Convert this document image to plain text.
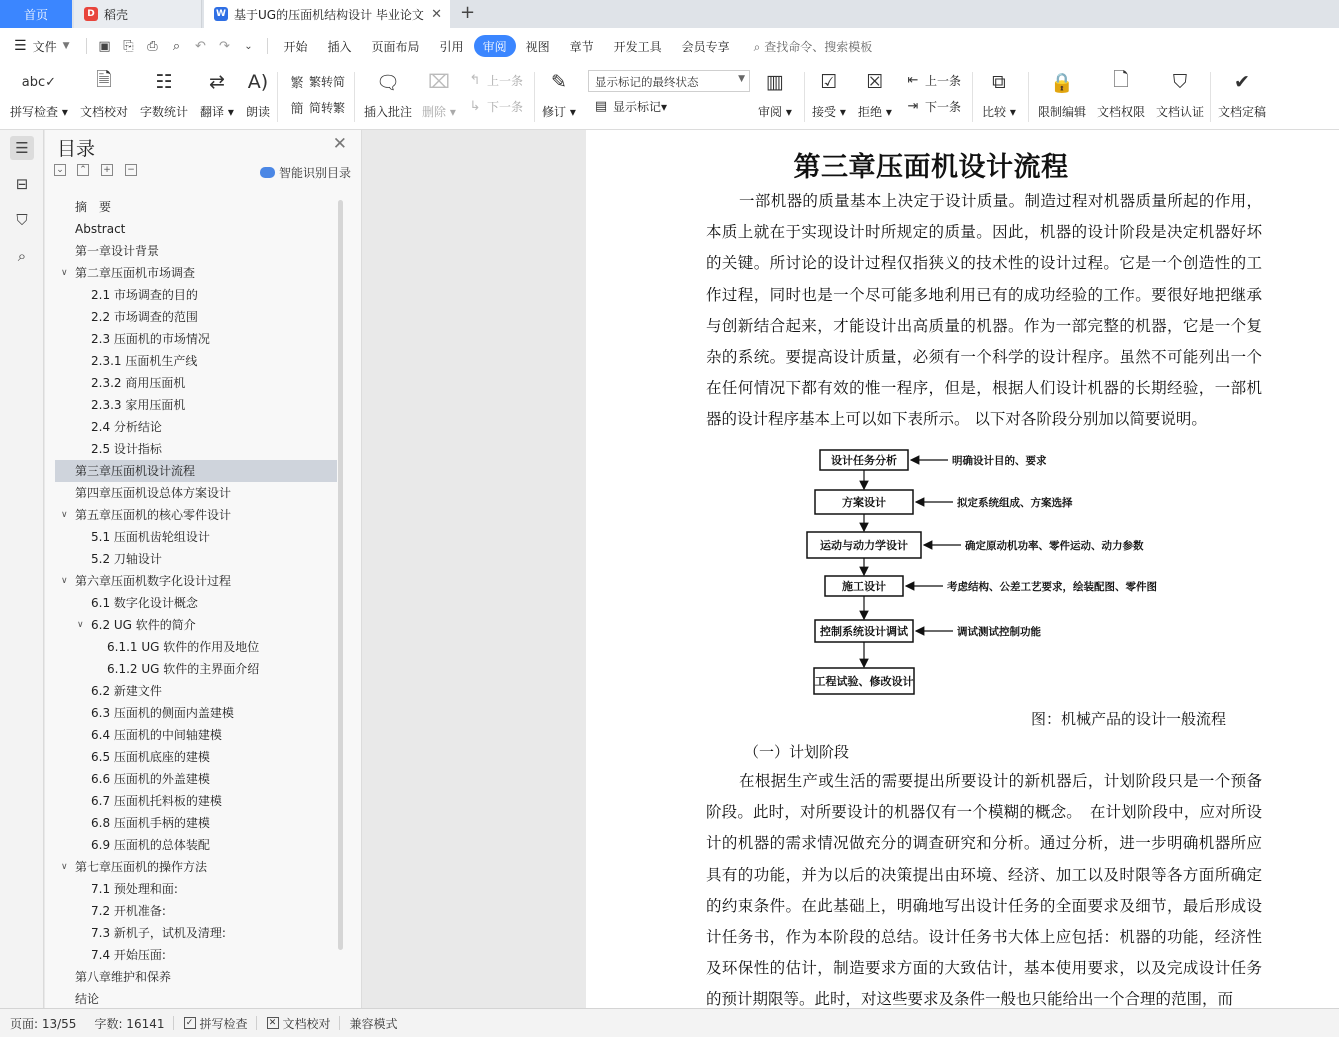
首页	D 稻壳	W 基于UG的压面机结构设计 毕业论文 ✕ +
☰ 文件 ▼ ▣ ⎘ ⎙	⌕	↶ ↷	⌄	开始	插入	页面布局	引用	审阅	视图	章节	开发工具	会员专享	⌕ 查找命令、搜索模板
abc✓
拼写检查 ▾
🗎
文档校对
☷
字数统计
⇄
翻译 ▾
A)
朗读
繁 繁转简
簡 简转繁
🗨
插入批注
⌧
删除 ▾
↰ 上一条
↳ 下一条
✎
修订 ▾
显示标记的最终状态	▼
▤ 显示标记 ▾
▥
审阅 ▾
☑
接受 ▾
☒
拒绝 ▾
⇤ 上一条
⇥ 下一条
⧉
比较 ▾
🔒
限制编辑
🗋
文档权限
⛉
文档认证
✔
文档定稿
☰
⊟
⛉
⌕
目录	✕
⌄ ⌃ + −	智能识别目录
摘　要
Abstract
第一章设计背景
∨ 第二章压面机市场调查
2.1 市场调查的目的
2.2 市场调查的范围
2.3 压面机的市场情况
2.3.1 压面机生产线
2.3.2 商用压面机
2.3.3 家用压面机
2.4 分析结论
2.5 设计指标
第三章压面机设计流程
第四章压面机设总体方案设计
∨ 第五章压面机的核心零件设计
5.1 压面机齿轮组设计
5.2 刀轴设计
∨ 第六章压面机数字化设计过程
6.1 数字化设计概念
∨ 6.2 UG 软件的简介
6.1.1 UG 软件的作用及地位
6.1.2 UG 软件的主界面介绍
6.2 新建文件
6.3 压面机的侧面内盖建模
6.4 压面机的中间轴建模
6.5 压面机底座的建模
6.6 压面机的外盖建模
6.7 压面机托料板的建模
6.8 压面机手柄的建模
6.9 压面机的总体装配
∨ 第七章压面机的操作方法
7.1 预处理和面:
7.2 开机准备:
7.3 新机子，试机及清理:
7.4 开始压面:
第八章维护和保养
结论
第三章压面机设计流程
一部机器的质量基本上决定于设计质量。制造过程对机器质量所起的作用，本质上就在于实现设计时所规定的质量。因此，机器的设计阶段是决定机器好坏的关键。所讨论的设计过程仅指狭义的技术性的设计过程。它是一个创造性的工作过程，同时也是一个尽可能多地利用已有的成功经验的工作。要很好地把继承与创新结合起来，才能设计出高质量的机器。作为一部完整的机器，它是一个复杂的系统。要提高设计质量，必须有一个科学的设计程序。虽然不可能列出一个在任何情况下都有效的惟一程序，但是，根据人们设计机器的长期经验，一部机器的设计程序基本上可以如下表所示。 以下对各阶段分别加以简要说明。
设计任务分析	明确设计目的、要求
方案设计	拟定系统组成、方案选择
运动与动力学设计	确定原动机功率、零件运动、动力参数
施工设计	考虑结构、公差工艺要求，绘装配图、零件图
控制系统设计调试	调试测试控制功能
工程试验、修改设计
图：机械产品的设计一般流程
（一）计划阶段
在根据生产或生活的需要提出所要设计的新机器后，计划阶段只是一个预备阶段。此时，对所要设计的机器仅有一个模糊的概念。　在计划阶段中，应对所设计的机器的需求情况做充分的调查研究和分析。通过分析，进一步明确机器所应具有的功能，并为以后的决策提出由环境、经济、加工以及时限等各方面所确定的约束条件。在此基础上，明确地写出设计任务的全面要求及细节，最后形成设计任务书，作为本阶段的总结。设计任务书大体上应包括：机器的功能，经济性及环保性的估计，制造要求方面的大致估计，基本使用要求，以及完成设计任务的预计期限等。此时，对这些要求及条件一般也只能给出一个合理的范围，而
页面: 13/55 字数: 16141 ✓ 拼写检查 ✕ 文档校对 兼容模式
